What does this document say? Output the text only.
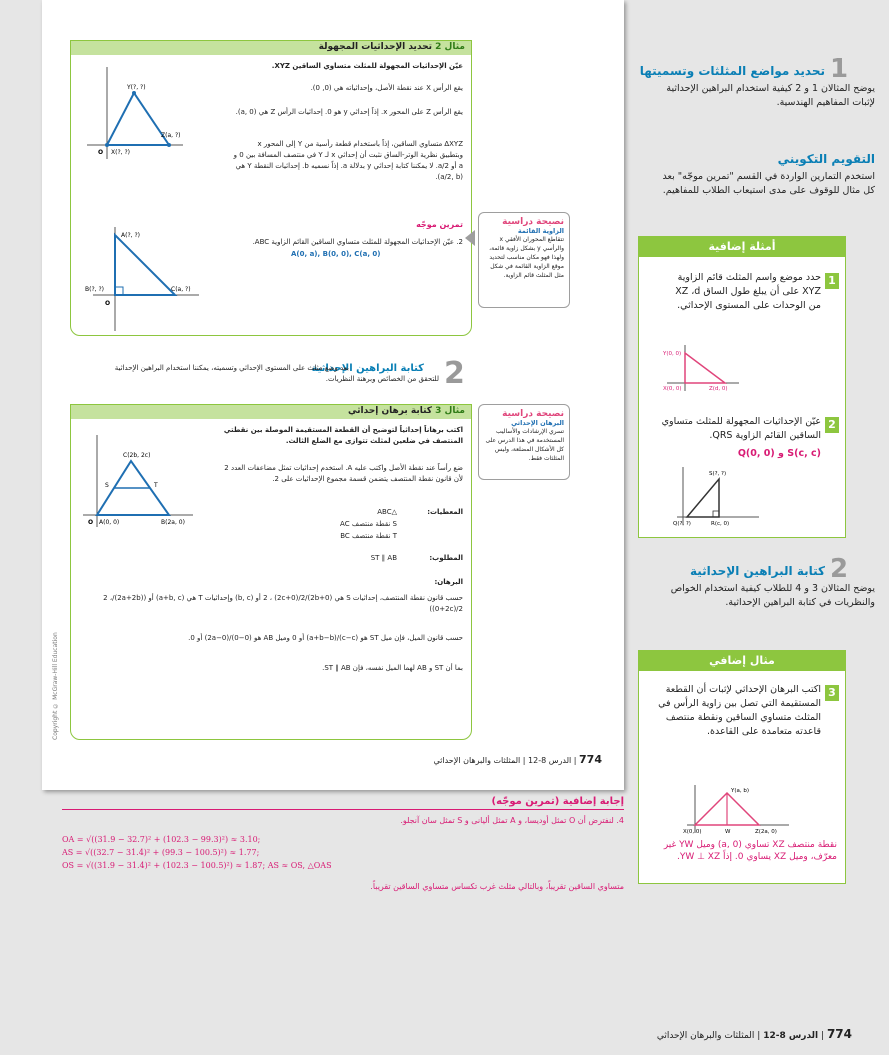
Copyright © McGraw-Hill Education
مثال 2 تحديد الإحداثيات المجهولة
عيّن الإحداثيات المجهولة للمثلث متساوي الساقين XYZ.
يقع الرأس X عند نقطة الأصل، وإحداثياته هي (0, 0).
يقع الرأس Z على المحور x. إذاً إحداثي y هو 0. إحداثيات الرأس Z هي (a, 0).
XYZ∆ متساوي الساقين، إذاً باستخدام قطعة رأسية من Y إلى المحور x وبتطبيق نظرية الوتر-الساق نثبت أن إحداثي x لـ Y في منتصف المسافة بين 0 و a أو a/2. لا يمكننا كتابة إحداثي y بدلالة a. إذاً نسميه b. إحداثيات النقطة Y هي (a/2, b).
Y(?, ?)
Z(a, ?)
X(?, ?)
O
تمرين موجّه
2. عيّن الإحداثيات المجهولة للمثلث متساوي الساقين القائم الزاوية ABC.
A(0, a), B(0, 0), C(a, 0)
A(?, ?)
B(?, ?)	C(a, ?)
O
نصيحة دراسية
الزاوية القائمة
تتقاطع المحوران الأفقي x والرأسي y بشكل زاوية قائمة، ولهذا فهو مكان مناسب لتحديد موقع الزاوية القائمة في شكل مثل المثلث قائم الزاوية.
2
كتابة البراهين الإحداثية
بعد وضع مثلث على المستوى الإحداثي وتسميته، يمكننا استخدام البراهين الإحداثية للتحقق من الخصائص وبرهنة النظريات.
مثال 3 كتابة برهان إحداثي
اكتب برهاناً إحداثياً لتوضيح أن القطعة المستقيمة الموصلة بين نقطتي المنتصف في ضلعين لمثلث تتوازى مع الضلع الثالث.
ضع رأساً عند نقطة الأصل واكتب عليه A. استخدم إحداثيات تمثل مضاعفات العدد 2 لأن قانون نقطة المنتصف يتضمن قسمة مجموع الإحداثيات على 2.
المعطيات:
△ABC
S نقطة منتصف AC
T نقطة منتصف BC
المطلوب:
ST ∥ AB
البرهان:
حسب قانون نقطة المنتصف، إحداثيات S هي (2b+0)/2 ، (2c+0)/2 أو (b, c) وإحداثيات T هي (a+b, c) أو ((2a+2b)/2 ، (0+2c)/2)
حسب قانون الميل، فإن ميل ST هو (c−c)/(a+b−b) أو 0 وميل AB هو (0−0)/(2a−0) أو 0.
بما أن ST و AB لهما الميل نفسه، فإن ST ∥ AB.
C(2b, 2c)
S	T
A(0, 0)	B(2a, 0)
O
نصيحة دراسية
البرهان الإحداثي
تسري الإرشادات والأساليب المستخدمة في هذا الدرس على كل الأشكال المضلعة، وليس المثلثات فقط.
774 | الدرس 8-12 | المثلثات والبرهان الإحداثي
1
تحديد مواضع المثلثات وتسميتها
يوضح المثالان 1 و 2 كيفية استخدام البراهين الإحداثية لإثبات المفاهيم الهندسية.
التقويم التكويني
استخدم التمارين الواردة في القسم "تمرين موجّه" بعد كل مثال للوقوف على مدى استيعاب الطلاب للمفاهيم.
أمثلة إضافية
1
حدد موضع واسم المثلث قائم الزاوية XYZ على أن يبلغ طول الساق XZ ،d من الوحدات على المستوى الإحداثي.
Y(0, 0)
X(0, 0)	Z(d, 0)
2
عيّن الإحداثيات المجهولة للمثلث متساوي الساقين القائم الزاوية QRS.
S(c, c) و Q(0, 0)
S(?, ?)
Q(?, ?)	R(c, 0)
2
كتابة البراهين الإحداثية
يوضح المثالان 3 و 4 للطلاب كيفية استخدام الخواص والنظريات في كتابة البراهين الإحداثية.
مثال إضافي
3
اكتب البرهان الإحداثي لإثبات أن القطعة المستقيمة التي تصل بين زاوية الرأس في المثلث متساوي الساقين ونقطة منتصف قاعدته متعامدة على القاعدة.
Y(a, b)
X(0, 0)	W	Z(2a, 0)
نقطة منتصف XZ تساوي (a, 0) وميل YW غير معرّف، وميل XZ يساوي 0. إذاً YW ⊥ XZ.
إجابة إضافية (تمرين موجّه)
4. لنفترض أن O تمثل أوديسا، و A تمثل أليانى و S تمثل سان آنجلو.
OA = √((31.9 − 32.7)² + (102.3 − 99.3)²) ≈ 3.10;
AS = √((32.7 − 31.4)² + (99.3 − 100.5)²) ≈ 1.77;
OS = √((31.9 − 31.4)² + (102.3 − 100.5)²) ≈ 1.87; AS ≈ OS, △OAS
متساوي الساقين تقريباً، وبالتالي مثلث غرب تكساس متساوي الساقين تقريباً.
774 | الدرس 8-12 | المثلثات والبرهان الإحداثي
